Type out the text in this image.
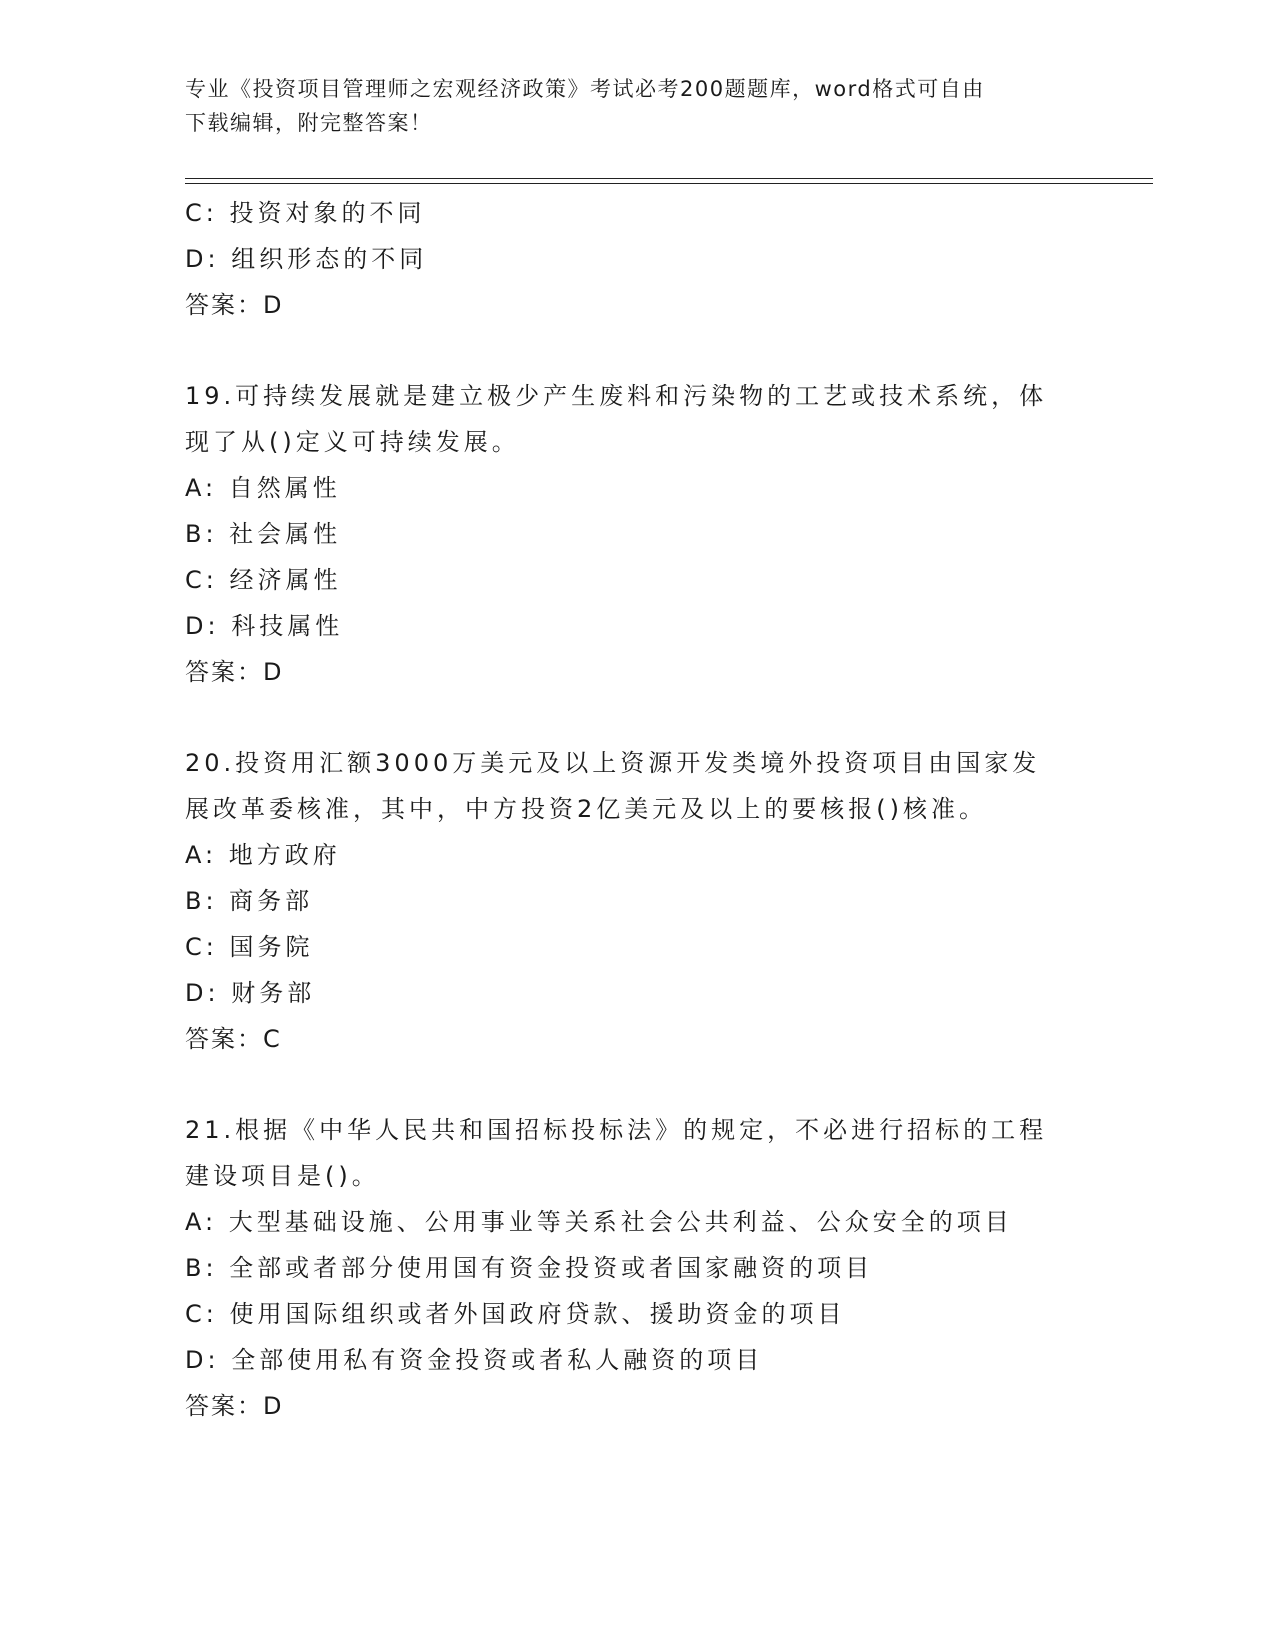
专业《投资项目管理师之宏观经济政策》考试必考200题题库，word格式可自由
下载编辑，附完整答案！
C: 投资对象的不同
D: 组织形态的不同
答案：D
19.可持续发展就是建立极少产生废料和污染物的工艺或技术系统，体
现了从()定义可持续发展。
A: 自然属性
B: 社会属性
C: 经济属性
D: 科技属性
答案：D
20.投资用汇额3000万美元及以上资源开发类境外投资项目由国家发
展改革委核准，其中，中方投资2亿美元及以上的要核报()核准。
A: 地方政府
B: 商务部
C: 国务院
D: 财务部
答案：C
21.根据《中华人民共和国招标投标法》的规定，不必进行招标的工程
建设项目是()。
A: 大型基础设施、公用事业等关系社会公共利益、公众安全的项目
B: 全部或者部分使用国有资金投资或者国家融资的项目
C: 使用国际组织或者外国政府贷款、援助资金的项目
D: 全部使用私有资金投资或者私人融资的项目
答案：D
